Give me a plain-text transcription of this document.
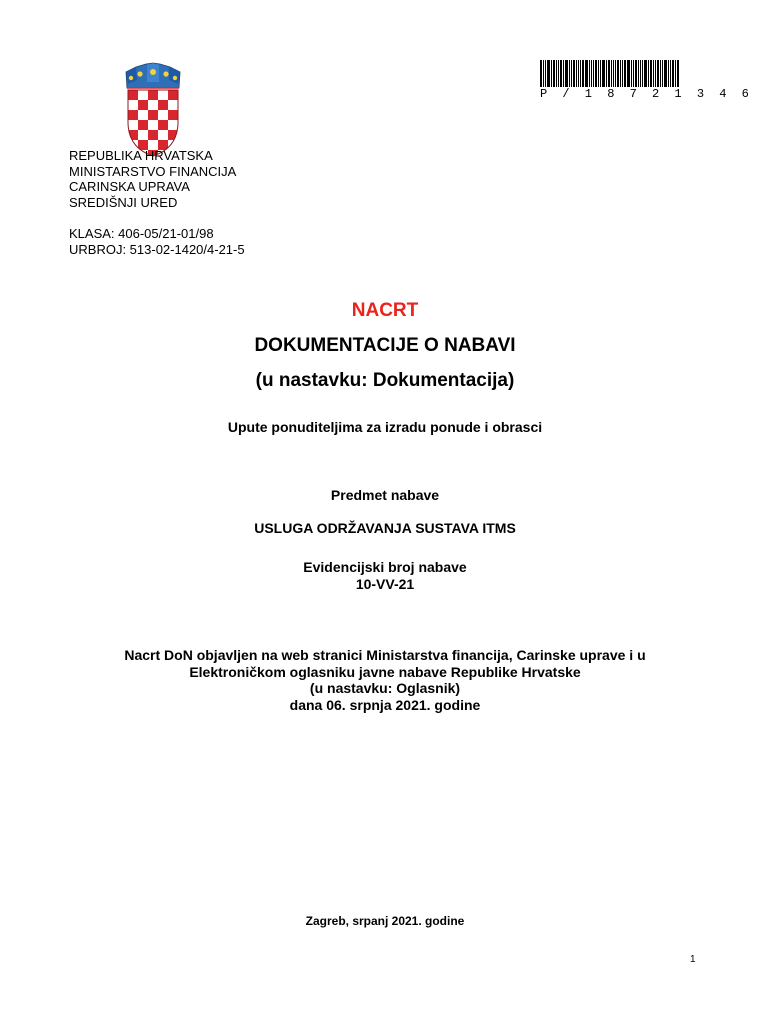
P / 1 8 7 2 1 3 4 6
REPUBLIKA HRVATSKA
MINISTARSTVO FINANCIJA
CARINSKA UPRAVA
SREDIŠNJI URED
KLASA: 406-05/21-01/98
URBROJ: 513-02-1420/4-21-5
NACRT
DOKUMENTACIJE O NABAVI
(u nastavku: Dokumentacija)
Upute ponuditeljima za izradu ponude i obrasci
Predmet nabave
USLUGA ODRŽAVANJA SUSTAVA ITMS
Evidencijski broj nabave
10-VV-21
Nacrt DoN objavljen na web stranici Ministarstva financija, Carinske uprave i u
Elektroničkom oglasniku javne nabave Republike Hrvatske
(u nastavku: Oglasnik)
dana 06. srpnja 2021. godine
Zagreb, srpanj 2021. godine
1
